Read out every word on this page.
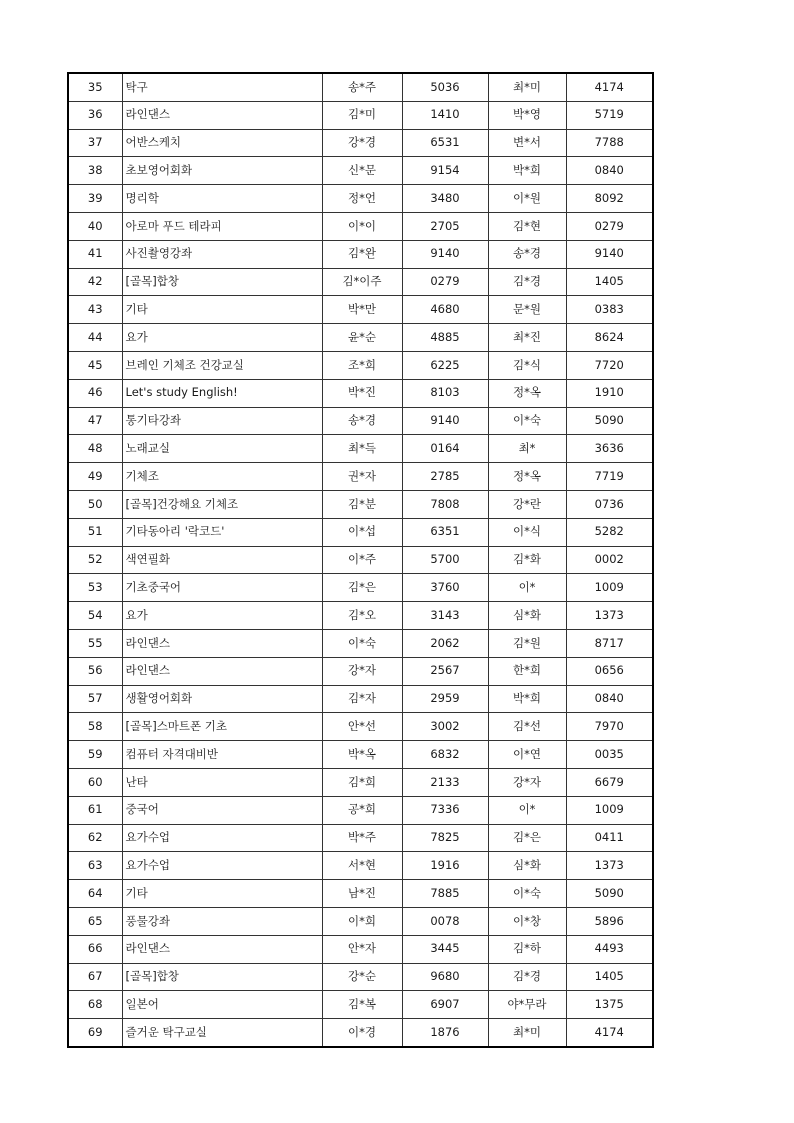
35	탁구	송*주	5036	최*미	4174
36	라인댄스	김*미	1410	박*영	5719
37	어반스케치	강*경	6531	변*서	7788
38	초보영어회화	신*문	9154	박*희	0840
39	명리학	정*언	3480	이*원	8092
40	아로마 푸드 테라피	이*이	2705	김*현	0279
41	사진촬영강좌	김*완	9140	송*경	9140
42	[골목]합창	김*이주	0279	김*경	1405
43	기타	박*만	4680	문*원	0383
44	요가	윤*순	4885	최*진	8624
45	브레인 기체조 건강교실	조*희	6225	김*식	7720
46	Let's study English!	박*진	8103	정*옥	1910
47	통기타강좌	송*경	9140	이*숙	5090
48	노래교실	최*득	0164	최*	3636
49	기체조	권*자	2785	정*옥	7719
50	[골목]건강해요 기체조	김*분	7808	강*란	0736
51	기타동아리 '락코드'	이*섭	6351	이*식	5282
52	색연필화	이*주	5700	김*화	0002
53	기초중국어	김*은	3760	이*	1009
54	요가	김*오	3143	심*화	1373
55	라인댄스	이*숙	2062	김*원	8717
56	라인댄스	강*자	2567	한*희	0656
57	생활영어회화	김*자	2959	박*희	0840
58	[골목]스마트폰 기초	안*선	3002	김*선	7970
59	컴퓨터 자격대비반	박*옥	6832	이*연	0035
60	난타	김*희	2133	강*자	6679
61	중국어	공*희	7336	이*	1009
62	요가수업	박*주	7825	김*은	0411
63	요가수업	서*현	1916	심*화	1373
64	기타	남*진	7885	이*숙	5090
65	풍물강좌	이*희	0078	이*창	5896
66	라인댄스	안*자	3445	김*하	4493
67	[골목]합창	강*순	9680	김*경	1405
68	일본어	김*복	6907	야*무라	1375
69	즐거운 탁구교실	이*경	1876	최*미	4174
